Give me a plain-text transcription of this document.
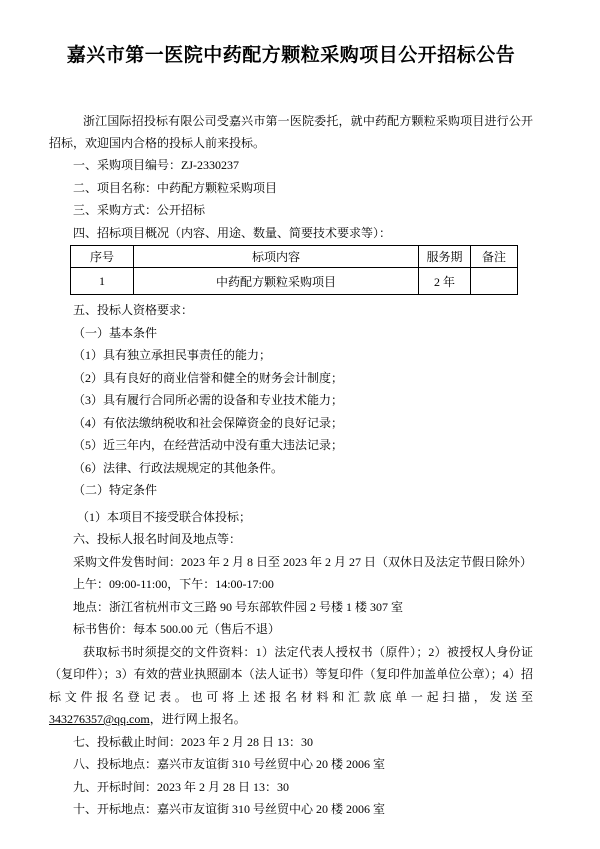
嘉兴市第一医院中药配方颗粒采购项目公开招标公告

浙江国际招投标有限公司受嘉兴市第一医院委托，就中药配方颗粒采购项目进行公开招标，欢迎国内合格的投标人前来投标。

一、采购项目编号：ZJ-2330237

二、项目名称：中药配方颗粒采购项目

三、采购方式：公开招标

四、招标项目概况（内容、用途、数量、简要技术要求等）：

序号	标项内容	服务期	备注
1	中药配方颗粒采购项目	2 年	

五、投标人资格要求：

（一）基本条件

（1）具有独立承担民事责任的能力；

（2）具有良好的商业信誉和健全的财务会计制度；

（3）具有履行合同所必需的设备和专业技术能力；

（4）有依法缴纳税收和社会保障资金的良好记录；

（5）近三年内，在经营活动中没有重大违法记录；

（6）法律、行政法规规定的其他条件。

（二）特定条件

（1）本项目不接受联合体投标；

六、投标人报名时间及地点等：

采购文件发售时间：2023 年 2 月 8 日至 2023 年 2 月 27 日（双休日及法定节假日除外）

上午：09:00-11:00，下午：14:00-17:00

地点：浙江省杭州市文三路 90 号东部软件园 2 号楼 1 楼 307 室

标书售价：每本 500.00 元（售后不退）

获取标书时须提交的文件资料：1）法定代表人授权书（原件）；2）被授权人身份证（复印件）；3）有效的营业执照副本（法人证书）等复印件（复印件加盖单位公章）；4）招标文件报名登记表。也可将上述报名材料和汇款底单一起扫描，发送至 343276357@qq.com，进行网上报名。

七、投标截止时间：2023 年 2 月 28 日 13：30

八、投标地点：嘉兴市友谊街 310 号丝贸中心 20 楼 2006 室

九、开标时间：2023 年 2 月 28 日 13：30

十、开标地点：嘉兴市友谊街 310 号丝贸中心 20 楼 2006 室
